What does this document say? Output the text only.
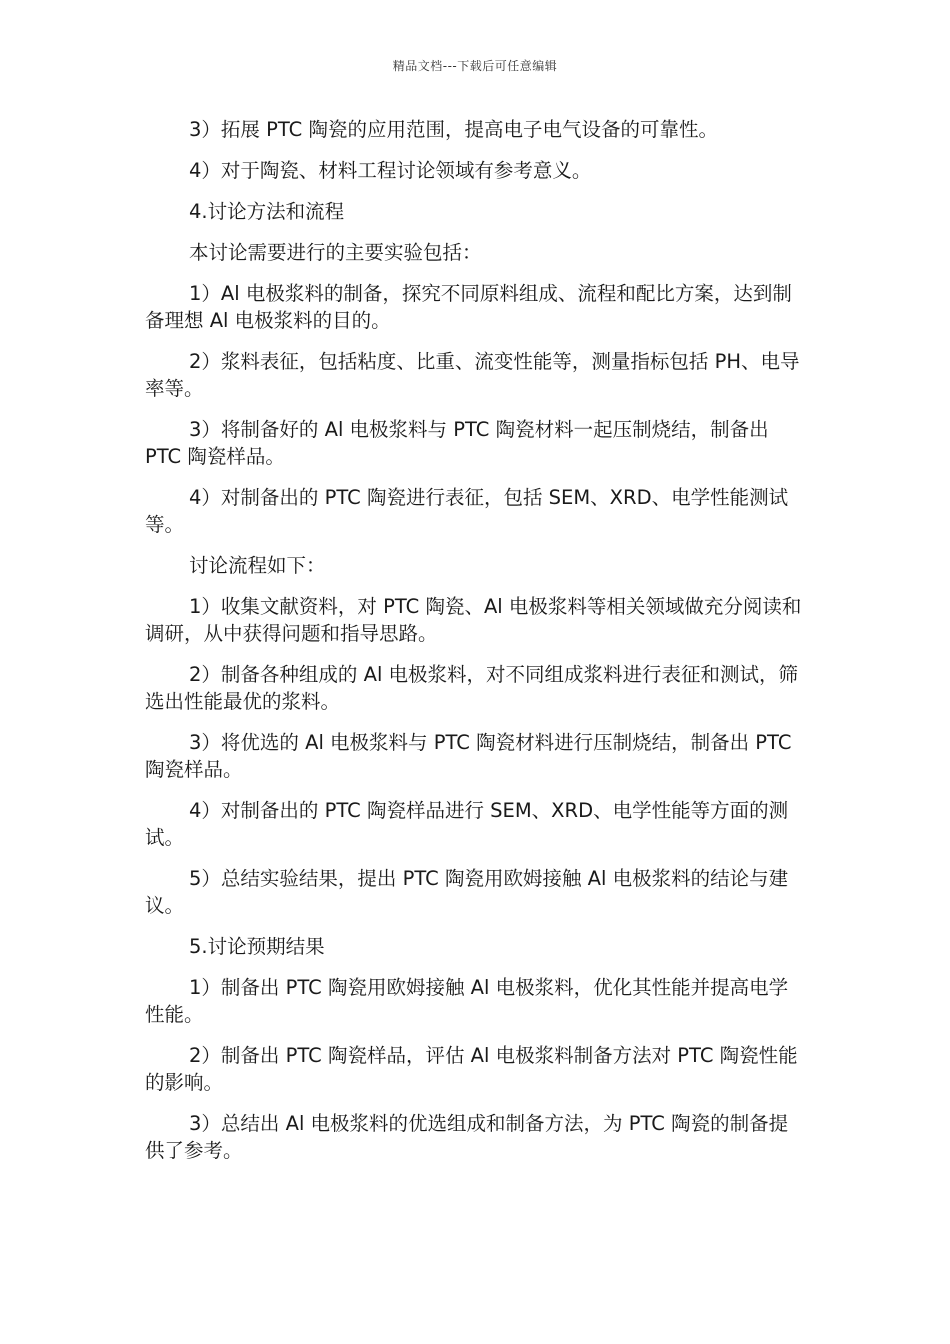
精品文档---下载后可任意编辑

3）拓展 PTC 陶瓷的应用范围，提高电子电气设备的可靠性。

4）对于陶瓷、材料工程讨论领域有参考意义。

4.讨论方法和流程

本讨论需要进行的主要实验包括：

1）Al 电极浆料的制备，探究不同原料组成、流程和配比方案，达到制备理想 Al 电极浆料的目的。

2）浆料表征，包括粘度、比重、流变性能等，测量指标包括 PH、电导率等。

3）将制备好的 Al 电极浆料与 PTC 陶瓷材料一起压制烧结，制备出 PTC 陶瓷样品。

4）对制备出的 PTC 陶瓷进行表征，包括 SEM、XRD、电学性能测试等。

讨论流程如下：

1）收集文献资料，对 PTC 陶瓷、Al 电极浆料等相关领域做充分阅读和调研，从中获得问题和指导思路。

2）制备各种组成的 Al 电极浆料，对不同组成浆料进行表征和测试，筛选出性能最优的浆料。

3）将优选的 Al 电极浆料与 PTC 陶瓷材料进行压制烧结，制备出 PTC 陶瓷样品。

4）对制备出的 PTC 陶瓷样品进行 SEM、XRD、电学性能等方面的测试。

5）总结实验结果，提出 PTC 陶瓷用欧姆接触 Al 电极浆料的结论与建议。

5.讨论预期结果

1）制备出 PTC 陶瓷用欧姆接触 Al 电极浆料，优化其性能并提高电学性能。

2）制备出 PTC 陶瓷样品，评估 Al 电极浆料制备方法对 PTC 陶瓷性能的影响。

3）总结出 Al 电极浆料的优选组成和制备方法，为 PTC 陶瓷的制备提供了参考。
